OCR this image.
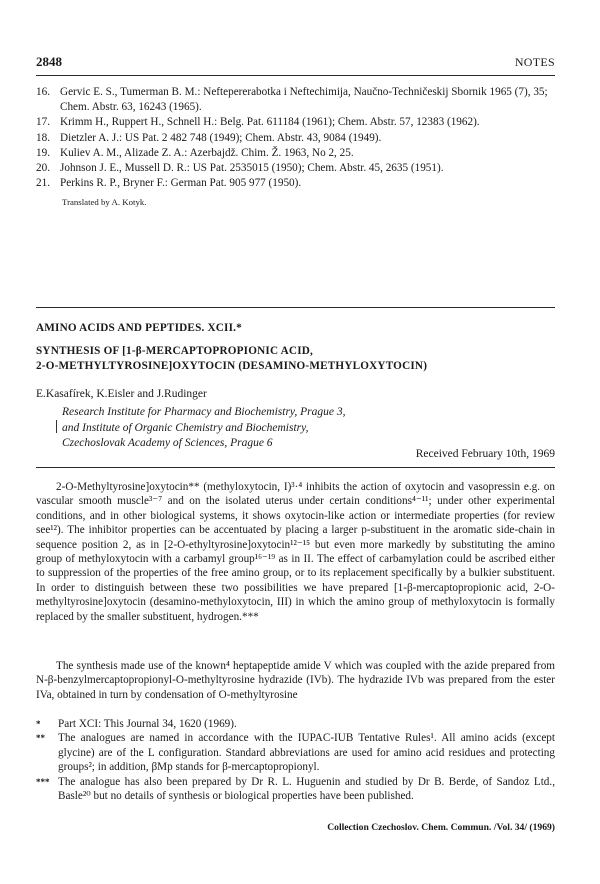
2848	NOTES
16. Gervic E. S., Tumerman B. M.: Neftepererabotka i Neftechimija, Naučno-Techničeskij Sbornik 1965 (7), 35; Chem. Abstr. 63, 16243 (1965).
17. Krimm H., Ruppert H., Schnell H.: Belg. Pat. 611184 (1961); Chem. Abstr. 57, 12383 (1962).
18. Dietzler A. J.: US Pat. 2 482 748 (1949); Chem. Abstr. 43, 9084 (1949).
19. Kuliev A. M., Alizade Z. A.: Azerbajdž. Chim. Ž. 1963, No 2, 25.
20. Johnson J. E., Mussell D. R.: US Pat. 2535015 (1950); Chem. Abstr. 45, 2635 (1951).
21. Perkins R. P., Bryner F.: German Pat. 905 977 (1950).
Translated by A. Kotyk.
AMINO ACIDS AND PEPTIDES. XCII.*
SYNTHESIS OF [1-β-MERCAPTOPROPIONIC ACID,
2-O-METHYLTYROSINE]OXYTOCIN (DESAMINO-METHYLOXYTOCIN)
E.Kasafírek, K.Eisler and J.Rudinger
Research Institute for Pharmacy and Biochemistry, Prague 3,
and Institute of Organic Chemistry and Biochemistry,
Czechoslovak Academy of Sciences, Prague 6
Received February 10th, 1969

2-O-Methyltyrosine]oxytocin** (methyloxytocin, I)³·⁴ inhibits the action of oxytocin and vasopressin e.g. on vascular smooth muscle³⁻⁷ and on the isolated uterus under certain conditions⁴⁻¹¹; under other experimental conditions, and in other biological systems, it shows oxytocin-like action or intermediate properties (for review see¹²). The inhibitor properties can be accentuated by placing a larger p-substituent in the aromatic side-chain in sequence position 2, as in [2-O-ethyltyrosine]oxytocin¹²⁻¹⁵ but even more markedly by substituting the amino group of methyloxytocin with a carbamyl group¹⁶⁻¹⁹ as in II. The effect of carbamylation could be ascribed either to suppression of the properties of the free amino group, or to its replacement specifically by a bulkier substituent. In order to distinguish between these two possibilities we have prepared [1-β-mercaptopropionic acid, 2-O-methyltyrosine]oxytocin (desamino-methyloxytocin, III) in which the amino group of methyloxytocin is formally replaced by the smaller substituent, hydrogen.***

The synthesis made use of the known⁴ heptapeptide amide V which was coupled with the azide prepared from N-β-benzylmercaptopropionyl-O-methyltyrosine hydrazide (IVb). The hydrazide IVb was prepared from the ester IVa, obtained in turn by condensation of O-methyltyrosine

*	Part XCI: This Journal 34, 1620 (1969).
**	The analogues are named in accordance with the IUPAC-IUB Tentative Rules¹. All amino acids (except glycine) are of the L configuration. Standard abbreviations are used for amino acid residues and protecting groups²; in addition, βMp stands for β-mercaptopropionyl.
*** The analogue has also been prepared by Dr R. L. Huguenin and studied by Dr B. Berde, of Sandoz Ltd., Basle²⁰ but no details of synthesis or biological properties have been published.
Collection Czechoslov. Chem. Commun. /Vol. 34/ (1969)
